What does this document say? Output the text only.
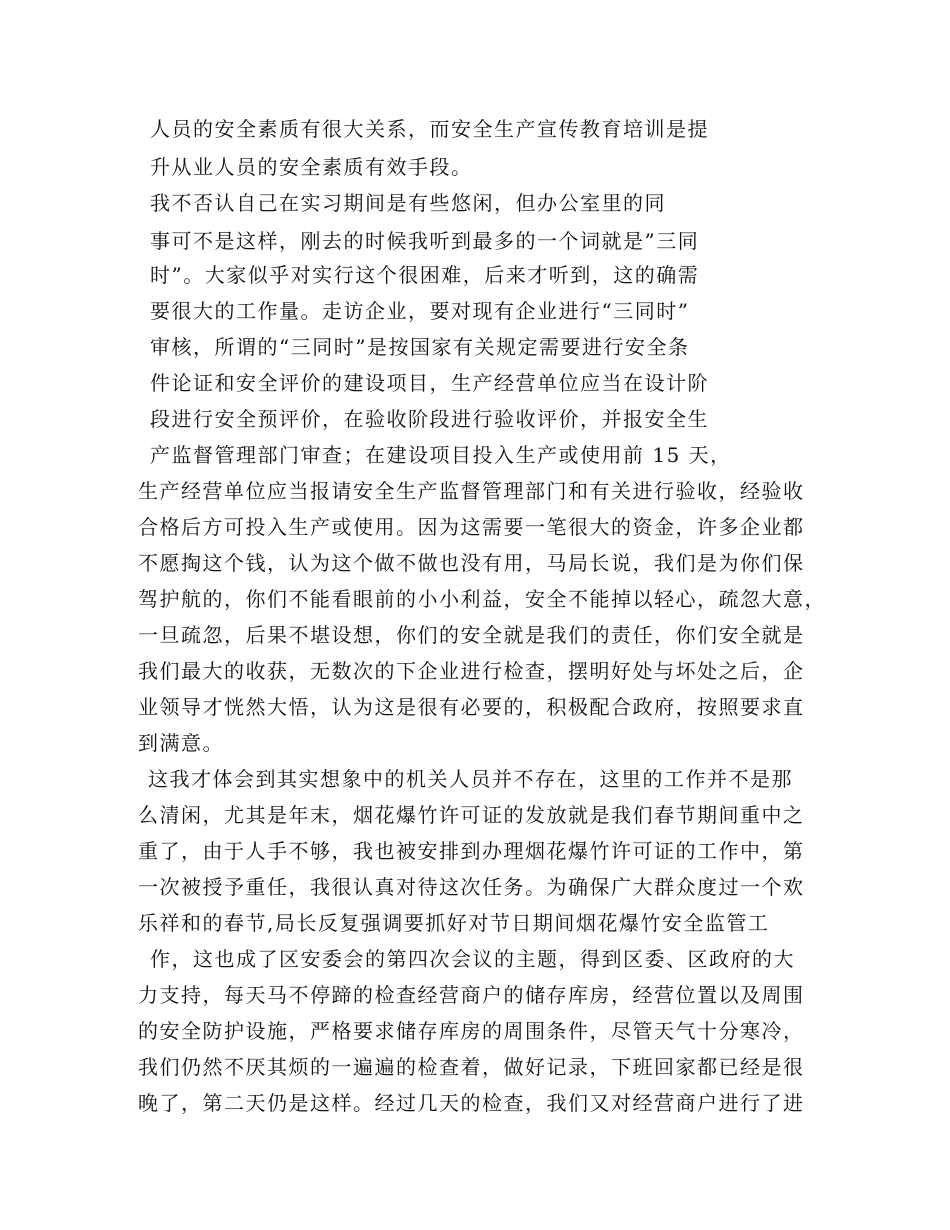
人员的安全素质有很大关系，而安全生产宣传教育培训是提
升从业人员的安全素质有效手段。
我不否认自己在实习期间是有些悠闲，但办公室里的同
事可不是这样，刚去的时候我听到最多的一个词就是”三同
时”。大家似乎对实行这个很困难，后来才听到，这的确需
要很大的工作量。走访企业，要对现有企业进行“三同时”
审核，所谓的“三同时”是按国家有关规定需要进行安全条
件论证和安全评价的建设项目，生产经营单位应当在设计阶
段进行安全预评价，在验收阶段进行验收评价，并报安全生
产监督管理部门审查；在建设项目投入生产或使用前 15 天，
生产经营单位应当报请安全生产监督管理部门和有关进行验收，经验收
合格后方可投入生产或使用。因为这需要一笔很大的资金，许多企业都
不愿掏这个钱，认为这个做不做也没有用，马局长说，我们是为你们保
驾护航的，你们不能看眼前的小小利益，安全不能掉以轻心，疏忽大意，
一旦疏忽，后果不堪设想，你们的安全就是我们的责任，你们安全就是
我们最大的收获，无数次的下企业进行检查，摆明好处与坏处之后，企
业领导才恍然大悟，认为这是很有必要的，积极配合政府，按照要求直
到满意。
这我才体会到其实想象中的机关人员并不存在，这里的工作并不是那
么清闲，尤其是年末，烟花爆竹许可证的发放就是我们春节期间重中之
重了，由于人手不够，我也被安排到办理烟花爆竹许可证的工作中，第
一次被授予重任，我很认真对待这次任务。为确保广大群众度过一个欢
乐祥和的春节,局长反复强调要抓好对节日期间烟花爆竹安全监管工
作，这也成了区安委会的第四次会议的主题，得到区委、区政府的大
力支持，每天马不停蹄的检查经营商户的储存库房，经营位置以及周围
的安全防护设施，严格要求储存库房的周围条件，尽管天气十分寒冷，
我们仍然不厌其烦的一遍遍的检查着，做好记录，下班回家都已经是很
晚了，第二天仍是这样。经过几天的检查，我们又对经营商户进行了进
